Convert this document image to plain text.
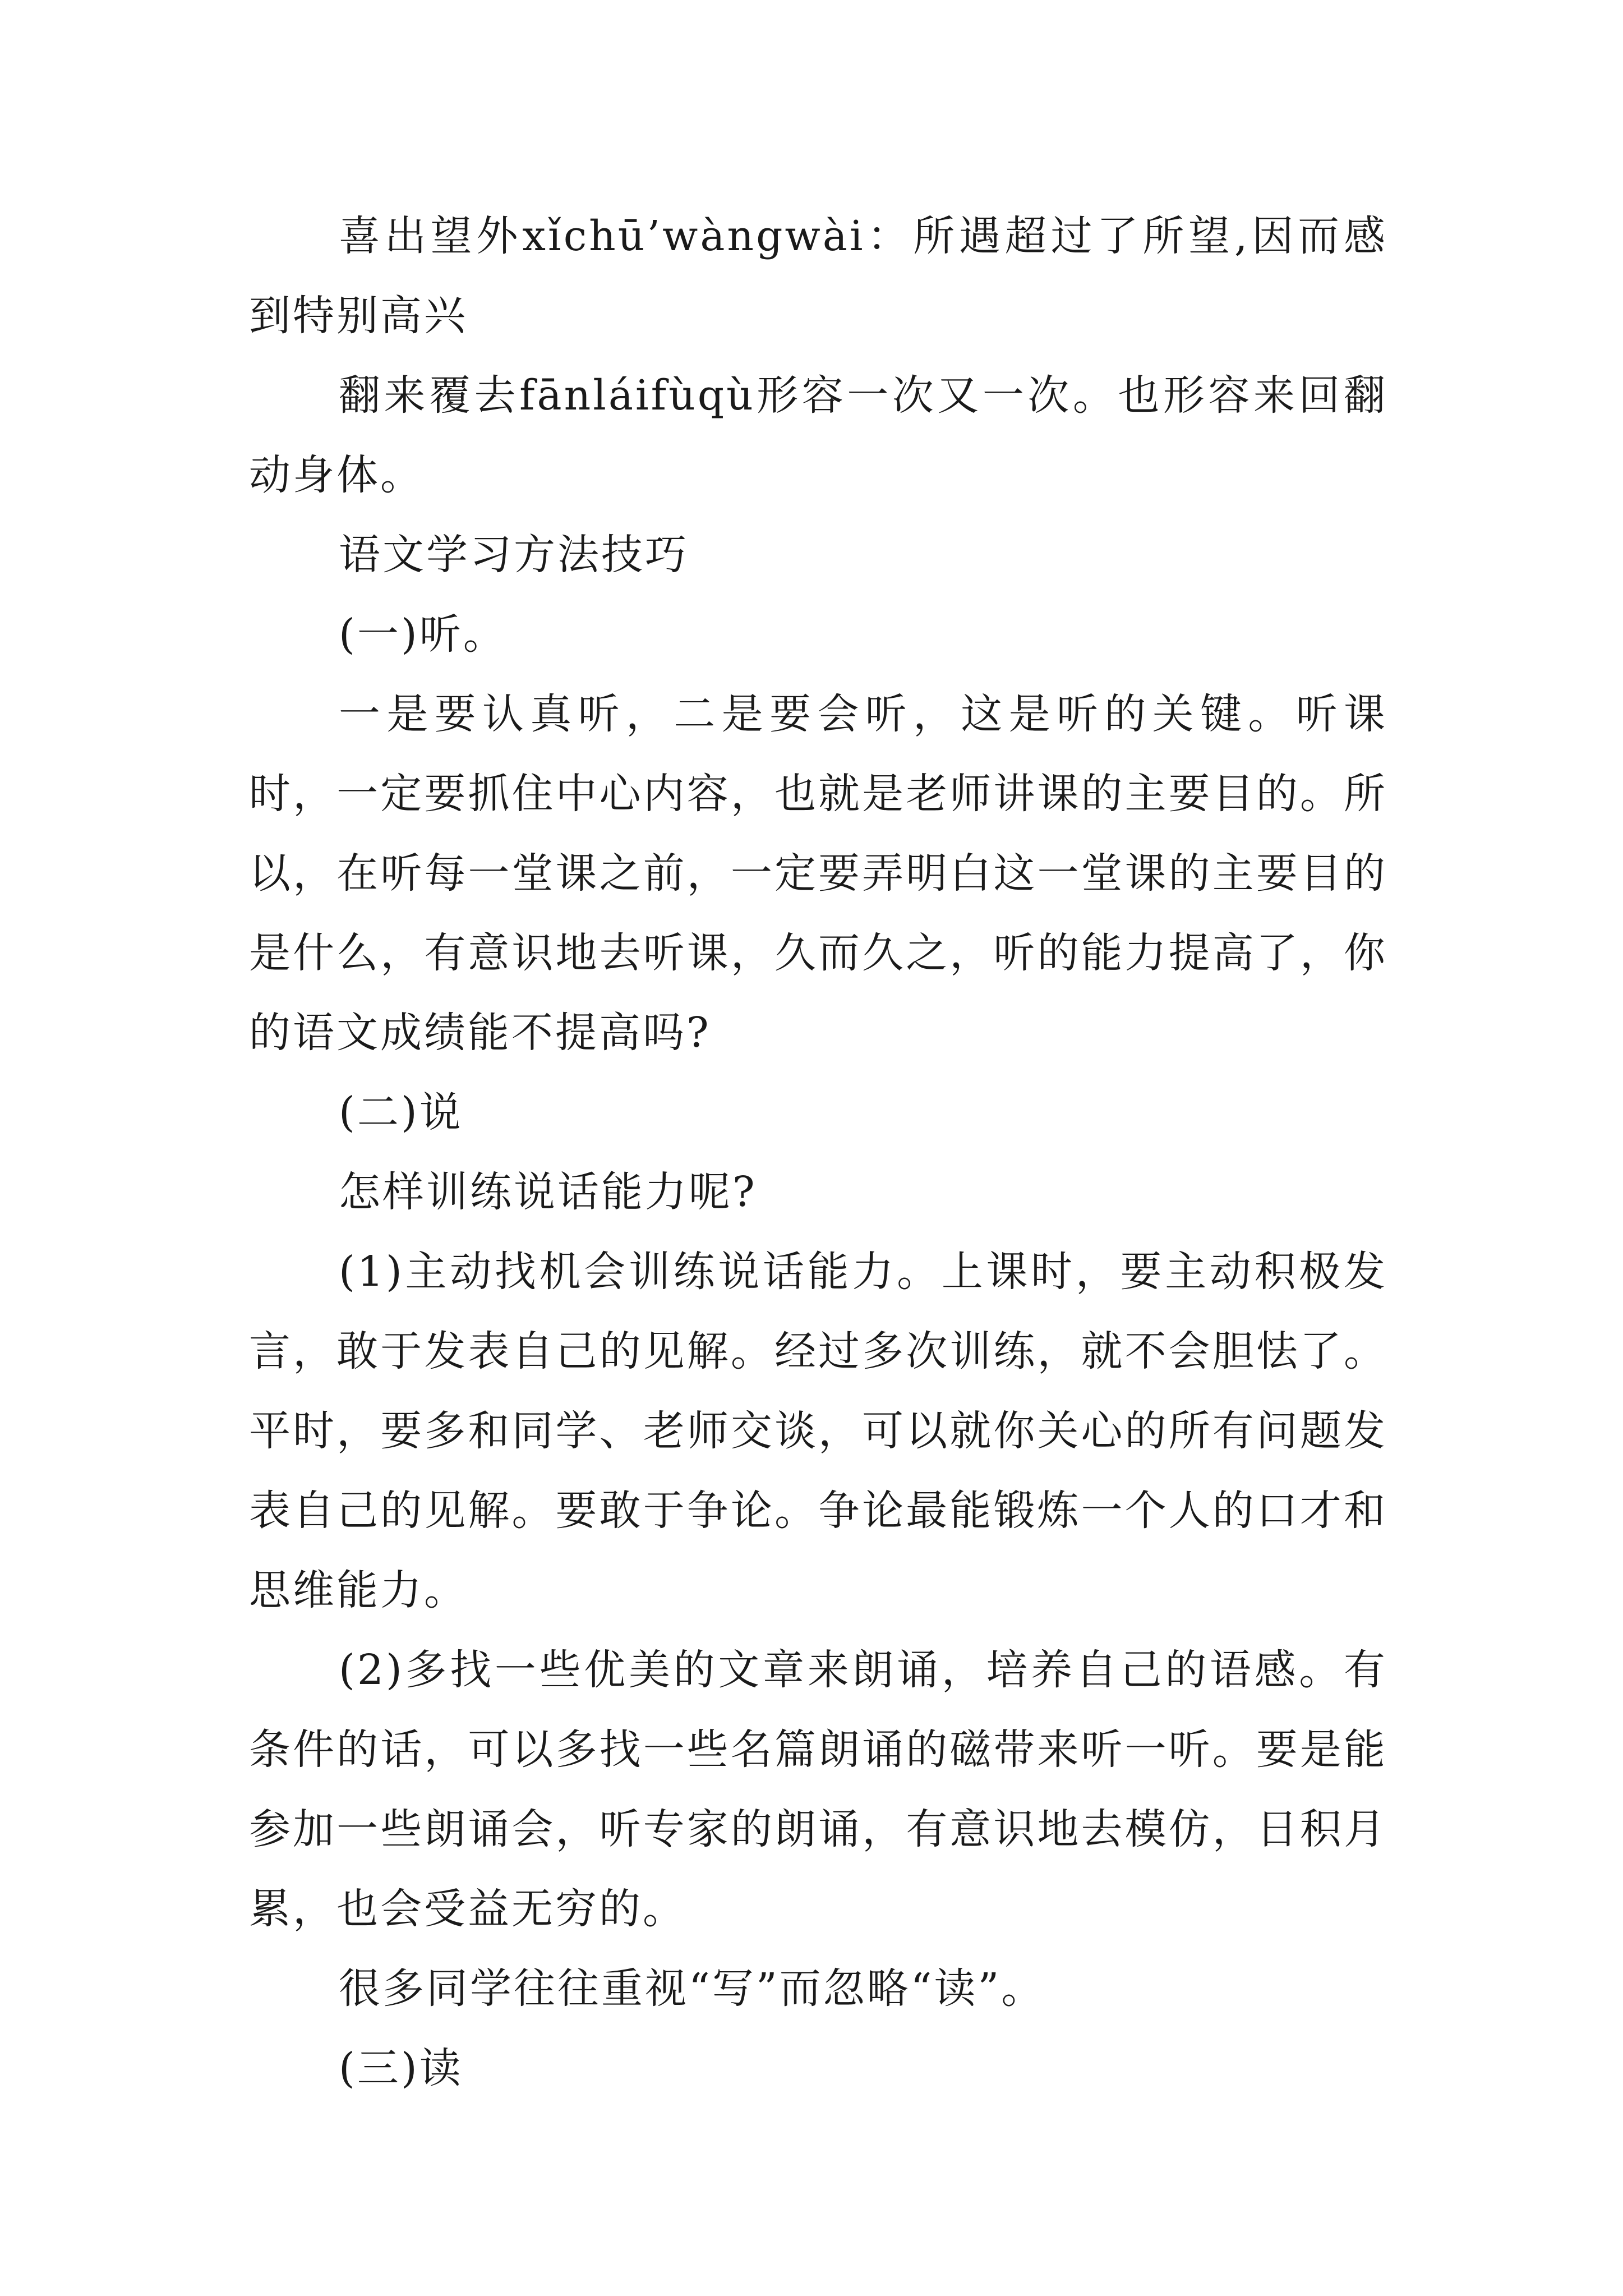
喜出望外xǐchū’wàngwài：所遇超过了所望,因而感到特别高兴

翻来覆去fānláifùqù形容一次又一次。也形容来回翻动身体。

语文学习方法技巧

(一)听。

一是要认真听，二是要会听，这是听的关键。听课时，一定要抓住中心内容，也就是老师讲课的主要目的。所以，在听每一堂课之前，一定要弄明白这一堂课的主要目的是什么，有意识地去听课，久而久之，听的能力提高了，你的语文成绩能不提高吗?

(二)说

怎样训练说话能力呢?

(1)主动找机会训练说话能力。上课时，要主动积极发言，敢于发表自己的见解。经过多次训练，就不会胆怯了。平时，要多和同学、老师交谈，可以就你关心的所有问题发表自己的见解。要敢于争论。争论最能锻炼一个人的口才和思维能力。

(2)多找一些优美的文章来朗诵，培养自己的语感。有条件的话，可以多找一些名篇朗诵的磁带来听一听。要是能参加一些朗诵会，听专家的朗诵，有意识地去模仿，日积月累，也会受益无穷的。

很多同学往往重视“写”而忽略“读”。

(三)读
